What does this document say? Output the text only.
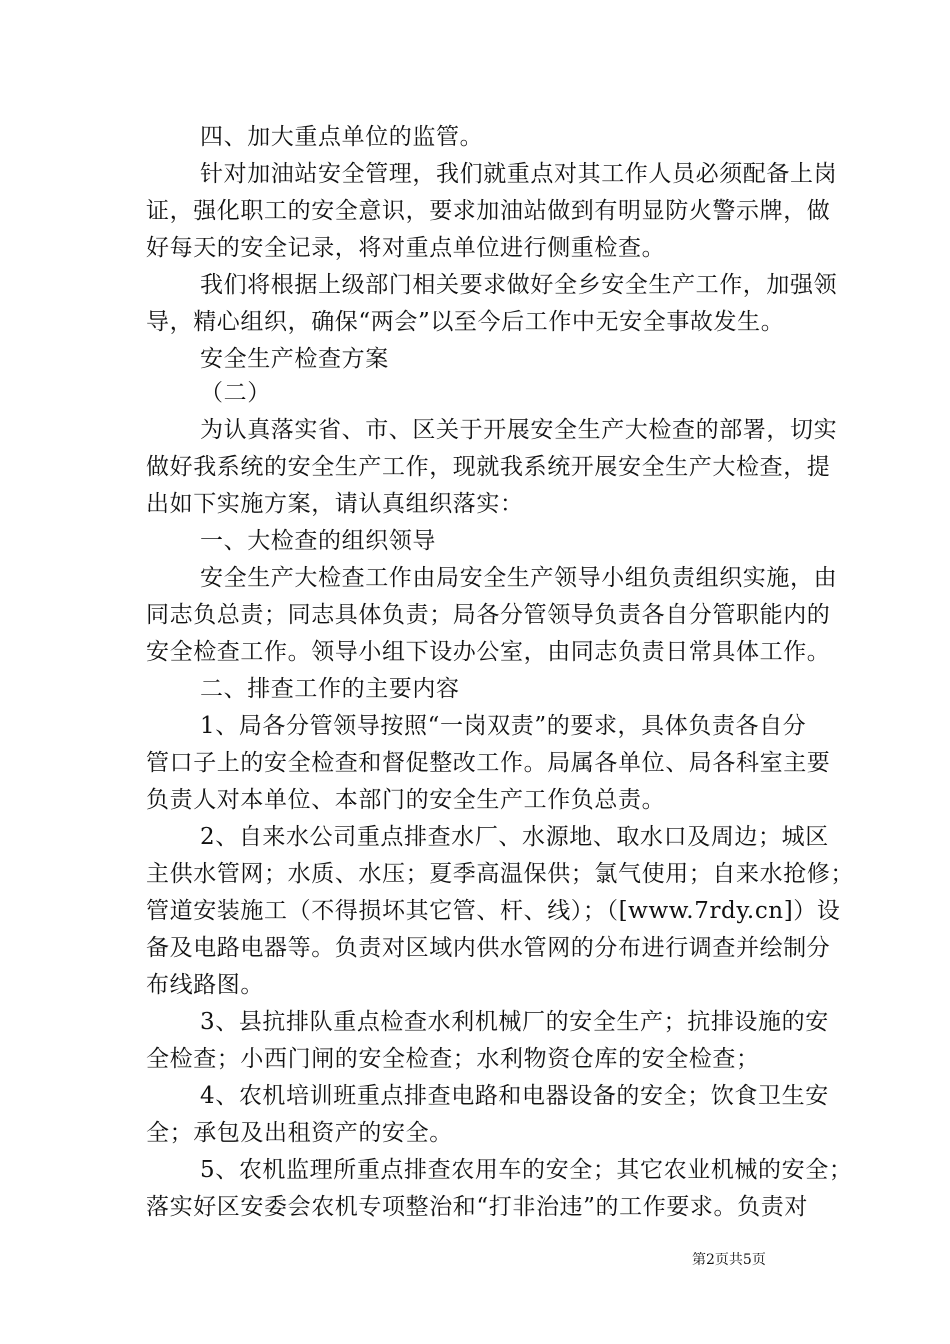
四、加大重点单位的监管。
针对加油站安全管理，我们就重点对其工作人员必须配备上岗
证，强化职工的安全意识，要求加油站做到有明显防火警示牌，做
好每天的安全记录，将对重点单位进行侧重检查。
我们将根据上级部门相关要求做好全乡安全生产工作，加强领
导，精心组织，确保“两会”以至今后工作中无安全事故发生。
安全生产检查方案
（二）
为认真落实省、市、区关于开展安全生产大检查的部署，切实
做好我系统的安全生产工作，现就我系统开展安全生产大检查，提
出如下实施方案，请认真组织落实：
一、大检查的组织领导
安全生产大检查工作由局安全生产领导小组负责组织实施，由
同志负总责；同志具体负责；局各分管领导负责各自分管职能内的
安全检查工作。领导小组下设办公室，由同志负责日常具体工作。
二、排查工作的主要内容
1、局各分管领导按照“一岗双责”的要求，具体负责各自分
管口子上的安全检查和督促整改工作。局属各单位、局各科室主要
负责人对本单位、本部门的安全生产工作负总责。
2、自来水公司重点排查水厂、水源地、取水口及周边；城区
主供水管网；水质、水压；夏季高温保供；氯气使用；自来水抢修；
管道安装施工（不得损坏其它管、杆、线）；（[www.7rdy.cn]）设
备及电路电器等。负责对区域内供水管网的分布进行调查并绘制分
布线路图。
3、县抗排队重点检查水利机械厂的安全生产；抗排设施的安
全检查；小西门闸的安全检查；水利物资仓库的安全检查；
4、农机培训班重点排查电路和电器设备的安全；饮食卫生安
全；承包及出租资产的安全。
5、农机监理所重点排查农用车的安全；其它农业机械的安全；
落实好区安委会农机专项整治和“打非治违”的工作要求。负责对
第2页共5页
